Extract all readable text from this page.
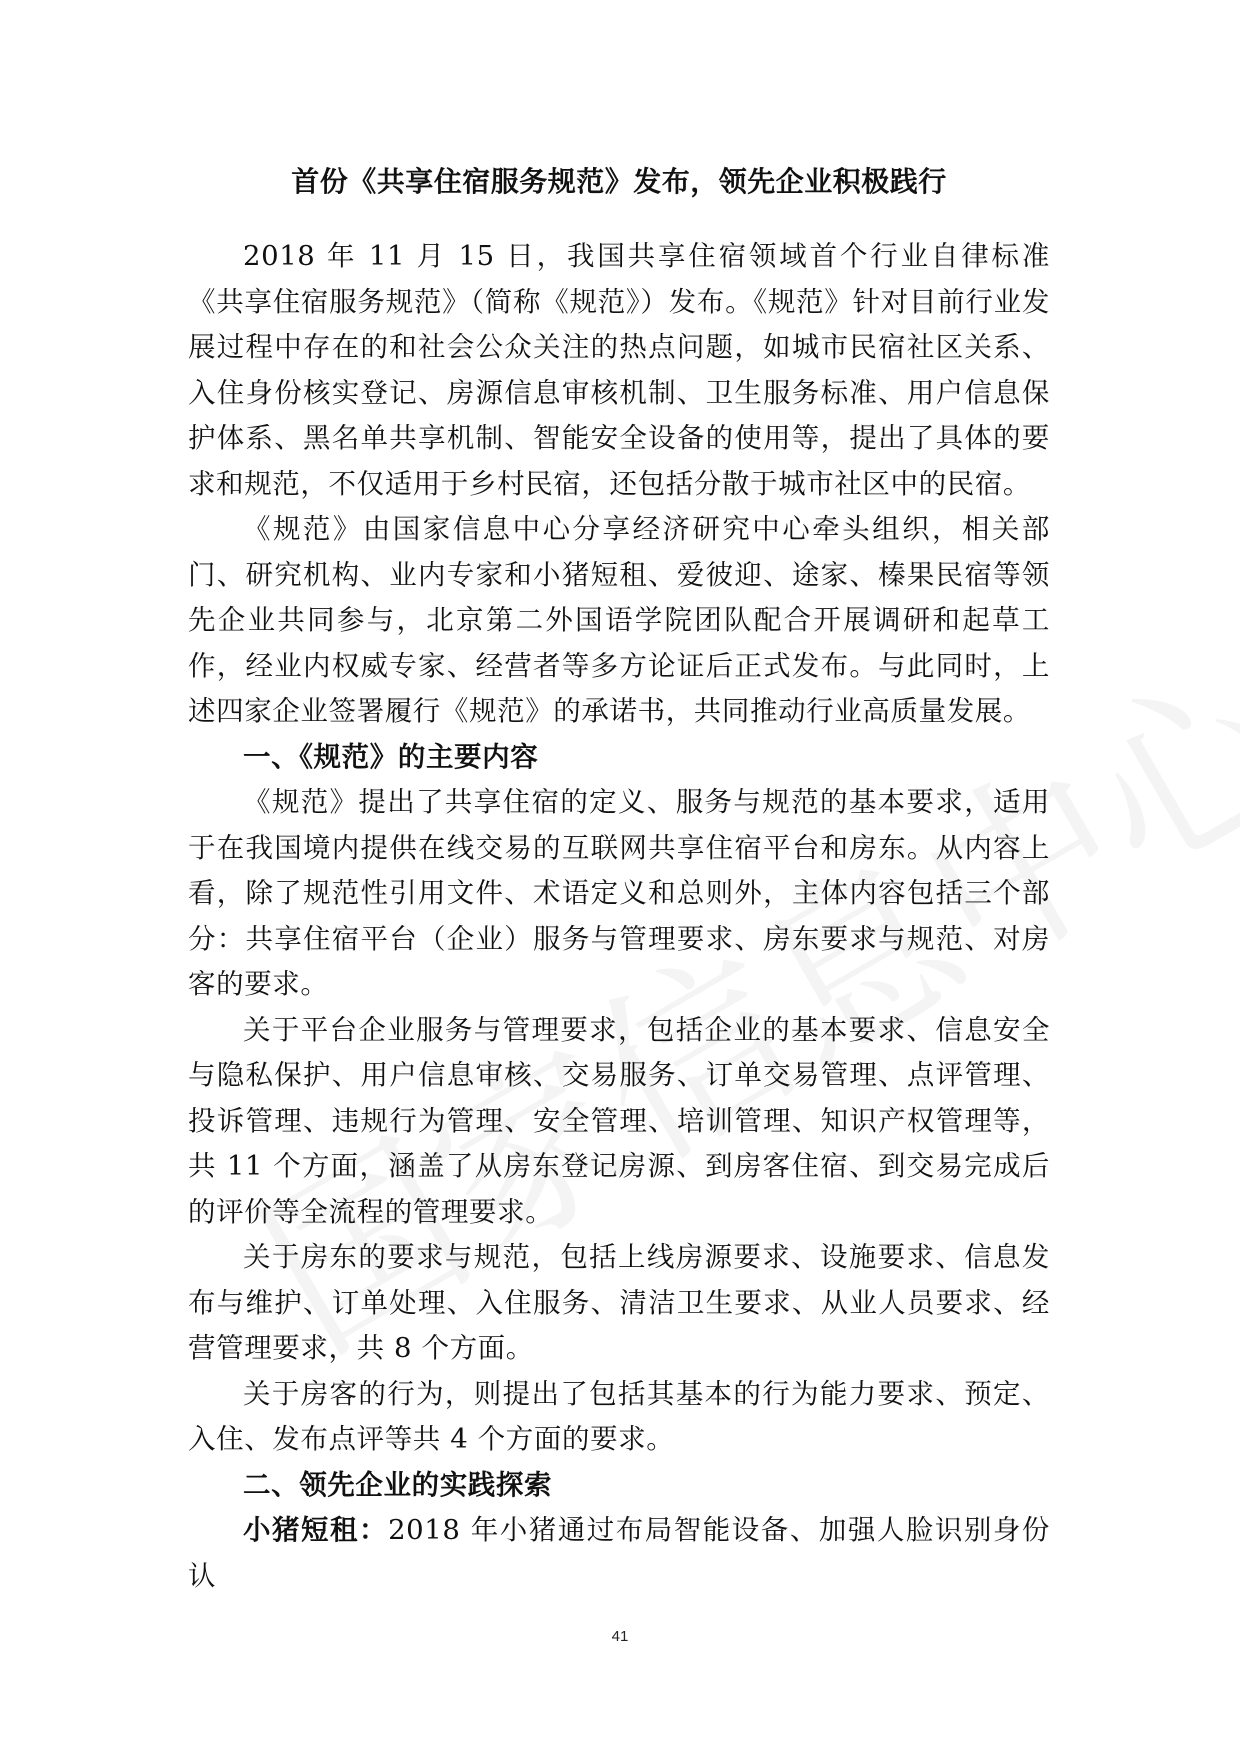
首份《共享住宿服务规范》发布，领先企业积极践行

2018 年 11 月 15 日，我国共享住宿领域首个行业自律标准《共享住宿服务规范》（简称《规范》）发布。《规范》针对目前行业发展过程中存在的和社会公众关注的热点问题，如城市民宿社区关系、入住身份核实登记、房源信息审核机制、卫生服务标准、用户信息保护体系、黑名单共享机制、智能安全设备的使用等，提出了具体的要求和规范，不仅适用于乡村民宿，还包括分散于城市社区中的民宿。

《规范》由国家信息中心分享经济研究中心牵头组织，相关部门、研究机构、业内专家和小猪短租、爱彼迎、途家、榛果民宿等领先企业共同参与，北京第二外国语学院团队配合开展调研和起草工作，经业内权威专家、经营者等多方论证后正式发布。与此同时，上述四家企业签署履行《规范》的承诺书，共同推动行业高质量发展。

一、《规范》的主要内容

《规范》提出了共享住宿的定义、服务与规范的基本要求，适用于在我国境内提供在线交易的互联网共享住宿平台和房东。从内容上看，除了规范性引用文件、术语定义和总则外，主体内容包括三个部分：共享住宿平台（企业）服务与管理要求、房东要求与规范、对房客的要求。

关于平台企业服务与管理要求，包括企业的基本要求、信息安全与隐私保护、用户信息审核、交易服务、订单交易管理、点评管理、投诉管理、违规行为管理、安全管理、培训管理、知识产权管理等，共 11 个方面，涵盖了从房东登记房源、到房客住宿、到交易完成后的评价等全流程的管理要求。

关于房东的要求与规范，包括上线房源要求、设施要求、信息发布与维护、订单处理、入住服务、清洁卫生要求、从业人员要求、经营管理要求，共 8 个方面。

关于房客的行为，则提出了包括其基本的行为能力要求、预定、入住、发布点评等共 4 个方面的要求。

二、领先企业的实践探索

小猪短租：2018 年小猪通过布局智能设备、加强人脸识别身份认

41
